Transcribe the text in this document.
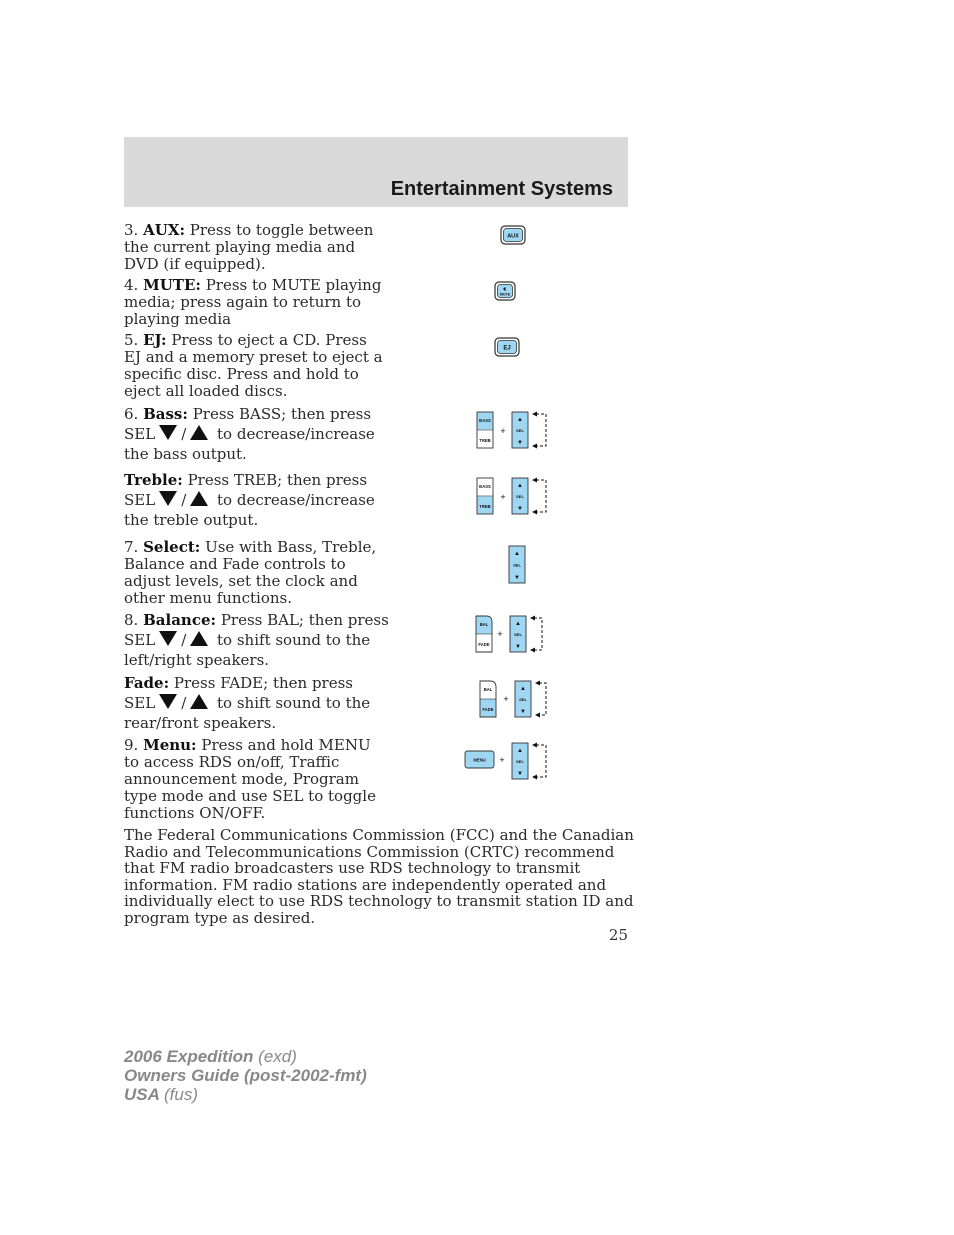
Entertainment Systems
3. AUX: Press to toggle between the current playing media and DVD (if equipped).
4. MUTE: Press to MUTE playing media; press again to return to playing media
5. EJ: Press to eject a CD. Press EJ and a memory preset to eject a specific disc. Press and hold to eject all loaded discs.
6. Bass: Press BASS; then press
SEL / to decrease/increase
the bass output.
Treble: Press TREB; then press
SEL / to decrease/increase
the treble output.
7. Select: Use with Bass, Treble, Balance and Fade controls to adjust levels, set the clock and other menu functions.
8. Balance: Press BAL; then press
SEL / to shift sound to the
left/right speakers.
Fade: Press FADE; then press
SEL / to shift sound to the
rear/front speakers.
9. Menu: Press and hold MENU to access RDS on/off, Traffic announcement mode, Program type mode and use SEL to toggle functions ON/OFF.
AUX
MUTE
EJ
BASS
TREB
+
▲
SEL
▼
BASS
TREB
+
▲
SEL
▼
▲
SEL
▼
BAL
FADE
+
▲
SEL
▼
BAL
FADE
+
▲
SEL
▼
MENU +
▲
SEL
▼
The Federal Communications Commission (FCC) and the Canadian Radio and Telecommunications Commission (CRTC) recommend that FM radio broadcasters use RDS technology to transmit information. FM radio stations are independently operated and individually elect to use RDS technology to transmit station ID and program type as desired.
25
2006 Expedition (exd)
Owners Guide (post-2002-fmt)
USA (fus)
